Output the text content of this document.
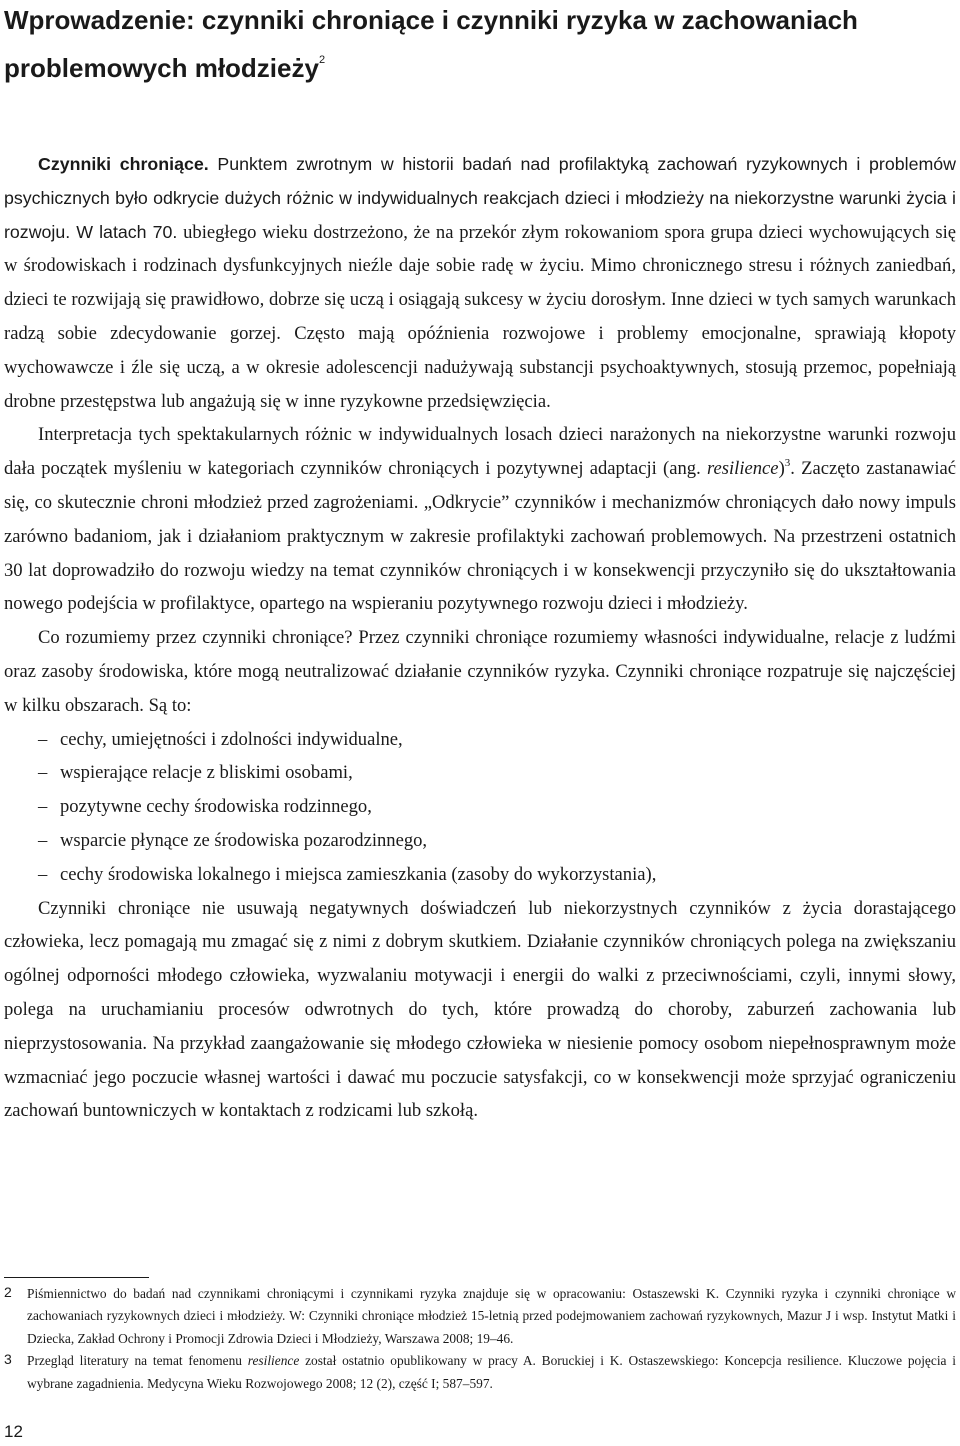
Wprowadzenie: czynniki chroniące i czynniki ryzyka w zachowaniach problemowych młodzieży$^2$

Czynniki chroniące. Punktem zwrotnym w historii badań nad profilaktyką zachowań ryzykownych i problemów psychicznych było odkrycie dużych różnic w indywidualnych reakcjach dzieci i młodzieży na niekorzystne warunki życia i rozwoju. W latach 70. ubiegłego wieku dostrzeżono, że na przekór złym rokowaniom spora grupa dzieci wychowujących się w środowiskach i rodzinach dysfunkcyjnych nieźle daje sobie radę w życiu. Mimo chronicznego stresu i różnych zaniedbań, dzieci te rozwijają się prawidłowo, dobrze się uczą i osiągają sukcesy w życiu dorosłym. Inne dzieci w tych samych warunkach radzą sobie zdecydowanie gorzej. Często mają opóźnienia rozwojowe i problemy emocjonalne, sprawiają kłopoty wychowawcze i źle się uczą, a w okresie adolescencji nadużywają substancji psychoaktywnych, stosują przemoc, popełniają drobne przestępstwa lub angażują się w inne ryzykowne przedsięwzięcia.

Interpretacja tych spektakularnych różnic w indywidualnych losach dzieci narażonych na niekorzystne warunki rozwoju dała początek myśleniu w kategoriach czynników chroniących i pozytywnej adaptacji (ang. resilience)$^3$. Zaczęto zastanawiać się, co skutecznie chroni młodzież przed zagrożeniami. „Odkrycie” czynników i mechanizmów chroniących dało nowy impuls zarówno badaniom, jak i działaniom praktycznym w zakresie profilaktyki zachowań problemowych. Na przestrzeni ostatnich 30 lat doprowadziło do rozwoju wiedzy na temat czynników chroniących i w konsekwencji przyczyniło się do ukształtowania nowego podejścia w profilaktyce, opartego na wspieraniu pozytywnego rozwoju dzieci i młodzieży.

Co rozumiemy przez czynniki chroniące? Przez czynniki chroniące rozumiemy własności indywidualne, relacje z ludźmi oraz zasoby środowiska, które mogą neutralizować działanie czynników ryzyka. Czynniki chroniące rozpatruje się najczęściej w kilku obszarach. Są to:

– cechy, umiejętności i zdolności indywidualne,
– wspierające relacje z bliskimi osobami,
– pozytywne cechy środowiska rodzinnego,
– wsparcie płynące ze środowiska pozarodzinnego,
– cechy środowiska lokalnego i miejsca zamieszkania (zasoby do wykorzystania),

Czynniki chroniące nie usuwają negatywnych doświadczeń lub niekorzystnych czynników z życia dorastającego człowieka, lecz pomagają mu zmagać się z nimi z dobrym skutkiem. Działanie czynników chroniących polega na zwiększaniu ogólnej odporności młodego człowieka, wyzwalaniu motywacji i energii do walki z przeciwnościami, czyli, innymi słowy, polega na uruchamianiu procesów odwrotnych do tych, które prowadzą do choroby, zaburzeń zachowania lub nieprzystosowania. Na przykład zaangażowanie się młodego człowieka w niesienie pomocy osobom niepełnosprawnym może wzmacniać jego poczucie własnej wartości i dawać mu poczucie satysfakcji, co w konsekwencji może sprzyjać ograniczeniu zachowań buntowniczych w kontaktach z rodzicami lub szkołą.

2 Piśmiennictwo do badań nad czynnikami chroniącymi i czynnikami ryzyka znajduje się w opracowaniu: Ostaszewski K. Czynniki ryzyka i czynniki chroniące w zachowaniach ryzykownych dzieci i młodzieży. W: Czynniki chroniące młodzież 15-letnią przed podejmowaniem zachowań ryzykownych, Mazur J i wsp. Instytut Matki i Dziecka, Zakład Ochrony i Promocji Zdrowia Dzieci i Młodzieży, Warszawa 2008; 19–46.
3 Przegląd literatury na temat fenomenu resilience został ostatnio opublikowany w pracy A. Boruckiej i K. Ostaszewskiego: Koncepcja resilience. Kluczowe pojęcia i wybrane zagadnienia. Medycyna Wieku Rozwojowego 2008; 12 (2), część I; 587–597.
12
